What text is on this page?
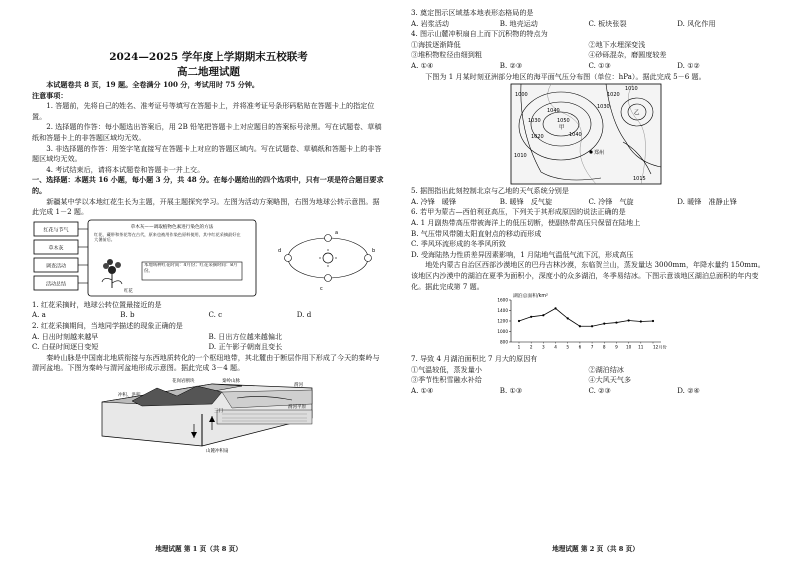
2024—2025 学年度上学期期末五校联考
高二地理试题

本试题卷共 8 页，19 题。全卷满分 100 分，考试用时 75 分钟。

注意事项：

1. 答题前，先将自己的姓名、准考证号等填写在答题卡上，并将准考证号条形码粘贴在答题卡上的指定位置。

2. 选择题的作答：每小题选出答案后，用 2B 铅笔把答题卡上对应题目的答案标号涂黑。写在试题卷、草稿纸和答题卡上的非答题区域均无效。

3. 非选择题的作答：用签字笔直接写在答题卡上对应的答题区域内。写在试题卷、草稿纸和答题卡上的非答题区域均无效。

4. 考试结束后，请将本试题卷和答题卡一并上交。

一、选择题：本题共 16 小题，每小题 3 分，共 48 分。在每小题给出的四个选项中，只有一项是符合题目要求的。

新疆某中学以本地红花生长为主题，开展主题探究学习。左图为活动方案略图，右图为地球公转示意图。据此完成 1－2 题。

红花与节气
草木灰
调查活动
活动总结
草木灰——调取植物色素进行染色的方法
红花、藏带和茶花等在古代，原来也被用作染色原料使用，其中红花采摘最好在大暑前后。
红花
本地域种红花时间：4月份；红花采摘时间：8月份。
a
b
c
d

1. 红花采摘时，地球公转位置最接近的是

A. a	B. b	C. c	D. d

2. 红花采摘期间，当地同学描述的现象正确的是

A. 日出时刻越来越早	B. 日出方位越来越偏北
C. 白昼时间逐日变短	D. 正午影子朝南且变长

秦岭山脉是中国南北地质衔接与东西地质转化的一个枢纽地带，其北麓由于断层作用下形成了今天的秦岭与渭河盆地。下图为秦岭与渭河盆地形成示意图。据此完成 3－4 题。

花岗岩断块
冲积、洪积
秦岭山脉
渭河
渭河平原
山麓冲积扇
三门
地理试题 第 1 页（共 8 页）

3. 奠定图示区域基本地表形态格局的是

A. 岩浆活动	B. 地壳运动	C. 板块张裂	D. 风化作用

4. 图示山麓冲积扇自上而下沉积物的特点为

①海拔逐渐降低	②地下水埋深变浅
③堆积物粒径由细到粗	④砂砾混杂，磨圆度较差
A. ①④	B. ②③	C. ①③	D. ①②

下图为 1 月某时刻亚洲部分地区的海平面气压分布图（单位：hPa）。据此完成 5－6 题。

1000
1010
1020
1030
1040
1050
1040
1030
1020
1010
1015
郑州
甲
乙

5. 据图指出此刻控制北京与乙地的天气系统分别是

A. 冷锋　暖锋	B. 暖锋　反气旋	C. 冷锋　气旋	D. 暖锋　准静止锋

6. 若甲为蒙古—西伯利亚高压，下列关于其形成原因的说法正确的是

A. 1 月副热带高压带被海洋上的低压切断，使副热带高压只保留在陆地上

B. 气压带风带随太阳直射点的移动而形成

C. 季风环流形成的冬季风所致

D. 受海陆热力性质差异因素影响，1 月陆地气温低气流下沉，形成高压

地处内蒙古自治区西部沙漠地区的巴丹吉林沙漠，东临贺兰山，蒸发量达 3000mm，年降水量约 150mm。该地区内沙漠中的湖泊在夏季为面积小，深度小的众多湖泊，冬季易结冰。下图示意该地区湖泊总面积的年内变化。据此完成第 7 题。

湖泊总面积/km²
800
1000
1200
1400
1600
1 2 3 4 5 6 7 8 9 10 11 12月份

7. 导致 4 月湖泊面积比 7 月大的原因有

①气温较低，蒸发量小	②湖泊结冰
③季节性积雪融水补给	④大风天气多
A. ①④	B. ①③	C. ②③	D. ②④
地理试题 第 2 页（共 8 页）
